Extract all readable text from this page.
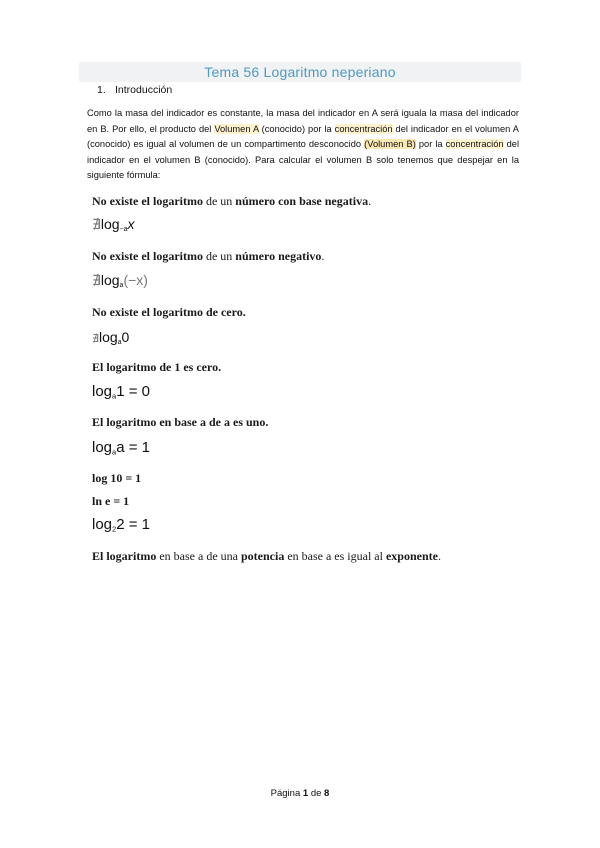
Tema 56 Logaritmo neperiano
1. Introducción
Como la masa del indicador es constante, la masa del indicador en A será iguala la masa del indicador en B. Por ello, el producto del Volumen A (conocido) por la concentración del indicador en el volumen A (conocido) es igual al volumen de un compartimento desconocido (Volumen B) por la concentración del indicador en el volumen B (conocido). Para calcular el volumen B solo tenemos que despejar en la siguiente fórmula:
No existe el logaritmo de un número con base negativa.
$∄\log_{-a}x$
No existe el logaritmo de un número negativo.
$∄\log_a(-x)$
No existe el logaritmo de cero.
$∄\log_a0$
El logaritmo de 1 es cero.
$\log_a1 = 0$
El logaritmo en base a de a es uno.
$\log_aa = 1$
log 10 = 1
ln e = 1
$\log_22 = 1$
El logaritmo en base a de una potencia en base a es igual al exponente.
Página 1 de 8
